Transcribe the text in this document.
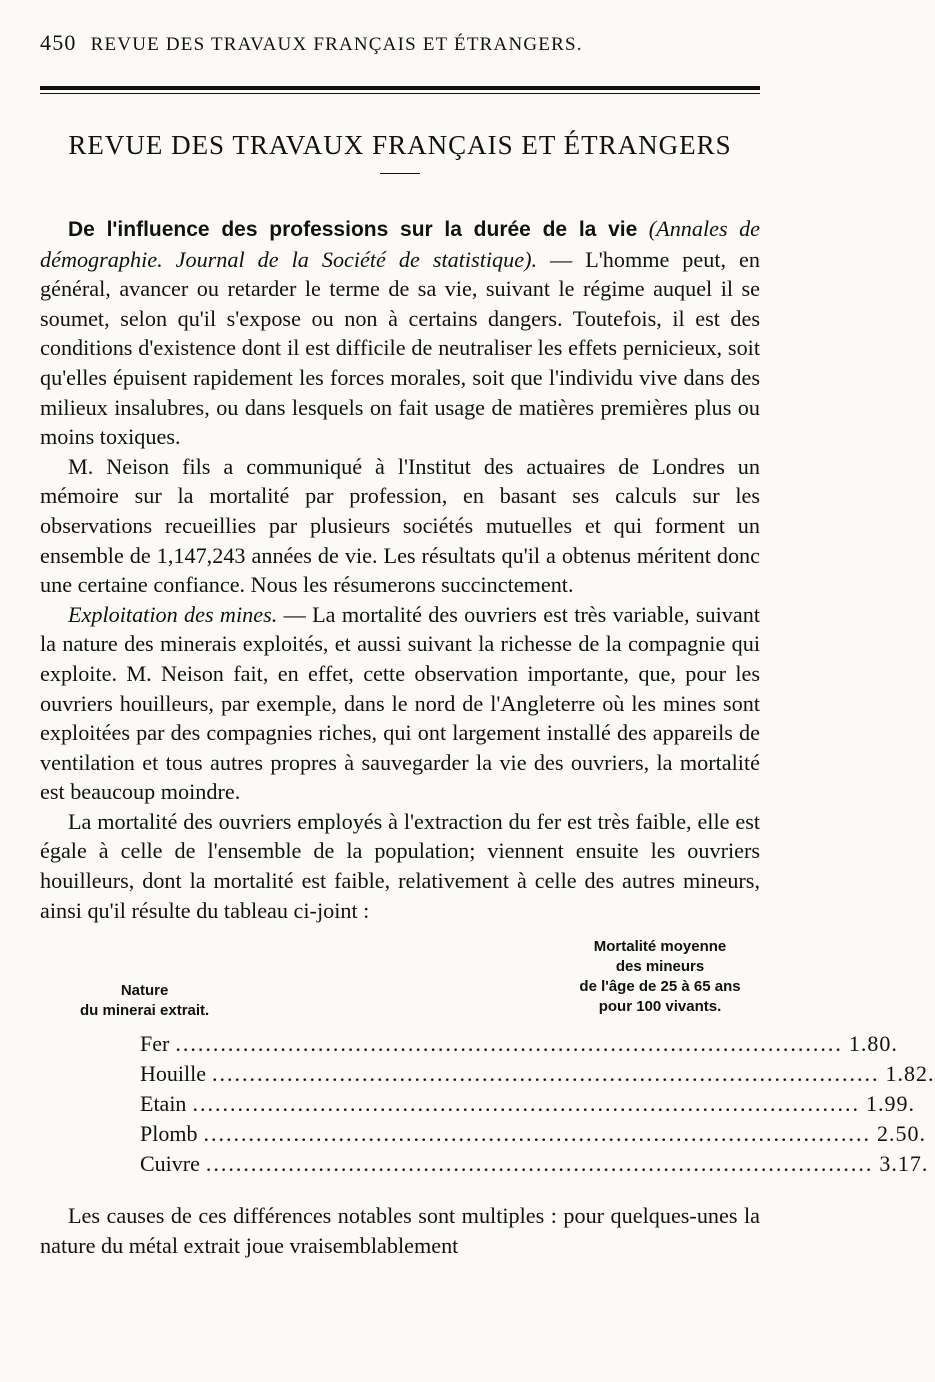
450 REVUE DES TRAVAUX FRANÇAIS ET ÉTRANGERS.
REVUE DES TRAVAUX FRANÇAIS ET ÉTRANGERS

De l'influence des professions sur la durée de la vie (Annales de démographie. Journal de la Société de statistique). — L'homme peut, en général, avancer ou retarder le terme de sa vie, suivant le régime auquel il se soumet, selon qu'il s'expose ou non à certains dangers. Toutefois, il est des conditions d'existence dont il est difficile de neutraliser les effets pernicieux, soit qu'elles épuisent rapidement les forces morales, soit que l'individu vive dans des milieux insalubres, ou dans lesquels on fait usage de matières premières plus ou moins toxiques.

M. Neison fils a communiqué à l'Institut des actuaires de Londres un mémoire sur la mortalité par profession, en basant ses calculs sur les observations recueillies par plusieurs sociétés mutuelles et qui forment un ensemble de 1,147,243 années de vie. Les résultats qu'il a obtenus méritent donc une certaine confiance. Nous les résumerons succinctement.

Exploitation des mines. — La mortalité des ouvriers est très variable, suivant la nature des minerais exploités, et aussi suivant la richesse de la compagnie qui exploite. M. Neison fait, en effet, cette observation importante, que, pour les ouvriers houilleurs, par exemple, dans le nord de l'Angleterre où les mines sont exploitées par des compagnies riches, qui ont largement installé des appareils de ventilation et tous autres propres à sauvegarder la vie des ouvriers, la mortalité est beaucoup moindre.

La mortalité des ouvriers employés à l'extraction du fer est très faible, elle est égale à celle de l'ensemble de la population; viennent ensuite les ouvriers houilleurs, dont la mortalité est faible, relativement à celle des autres mineurs, ainsi qu'il résulte du tableau ci-joint :

Nature
du minerai extrait.
Mortalité moyenne
des mineurs
de l'âge de 25 à 65 ans
pour 100 vivants.
Fer ......................................................................................... 1.80.
Houille ......................................................................................... 1.82.
Etain ......................................................................................... 1.99.
Plomb ......................................................................................... 2.50.
Cuivre ......................................................................................... 3.17.

Les causes de ces différences notables sont multiples : pour quelques-unes la nature du métal extrait joue vraisemblablement
